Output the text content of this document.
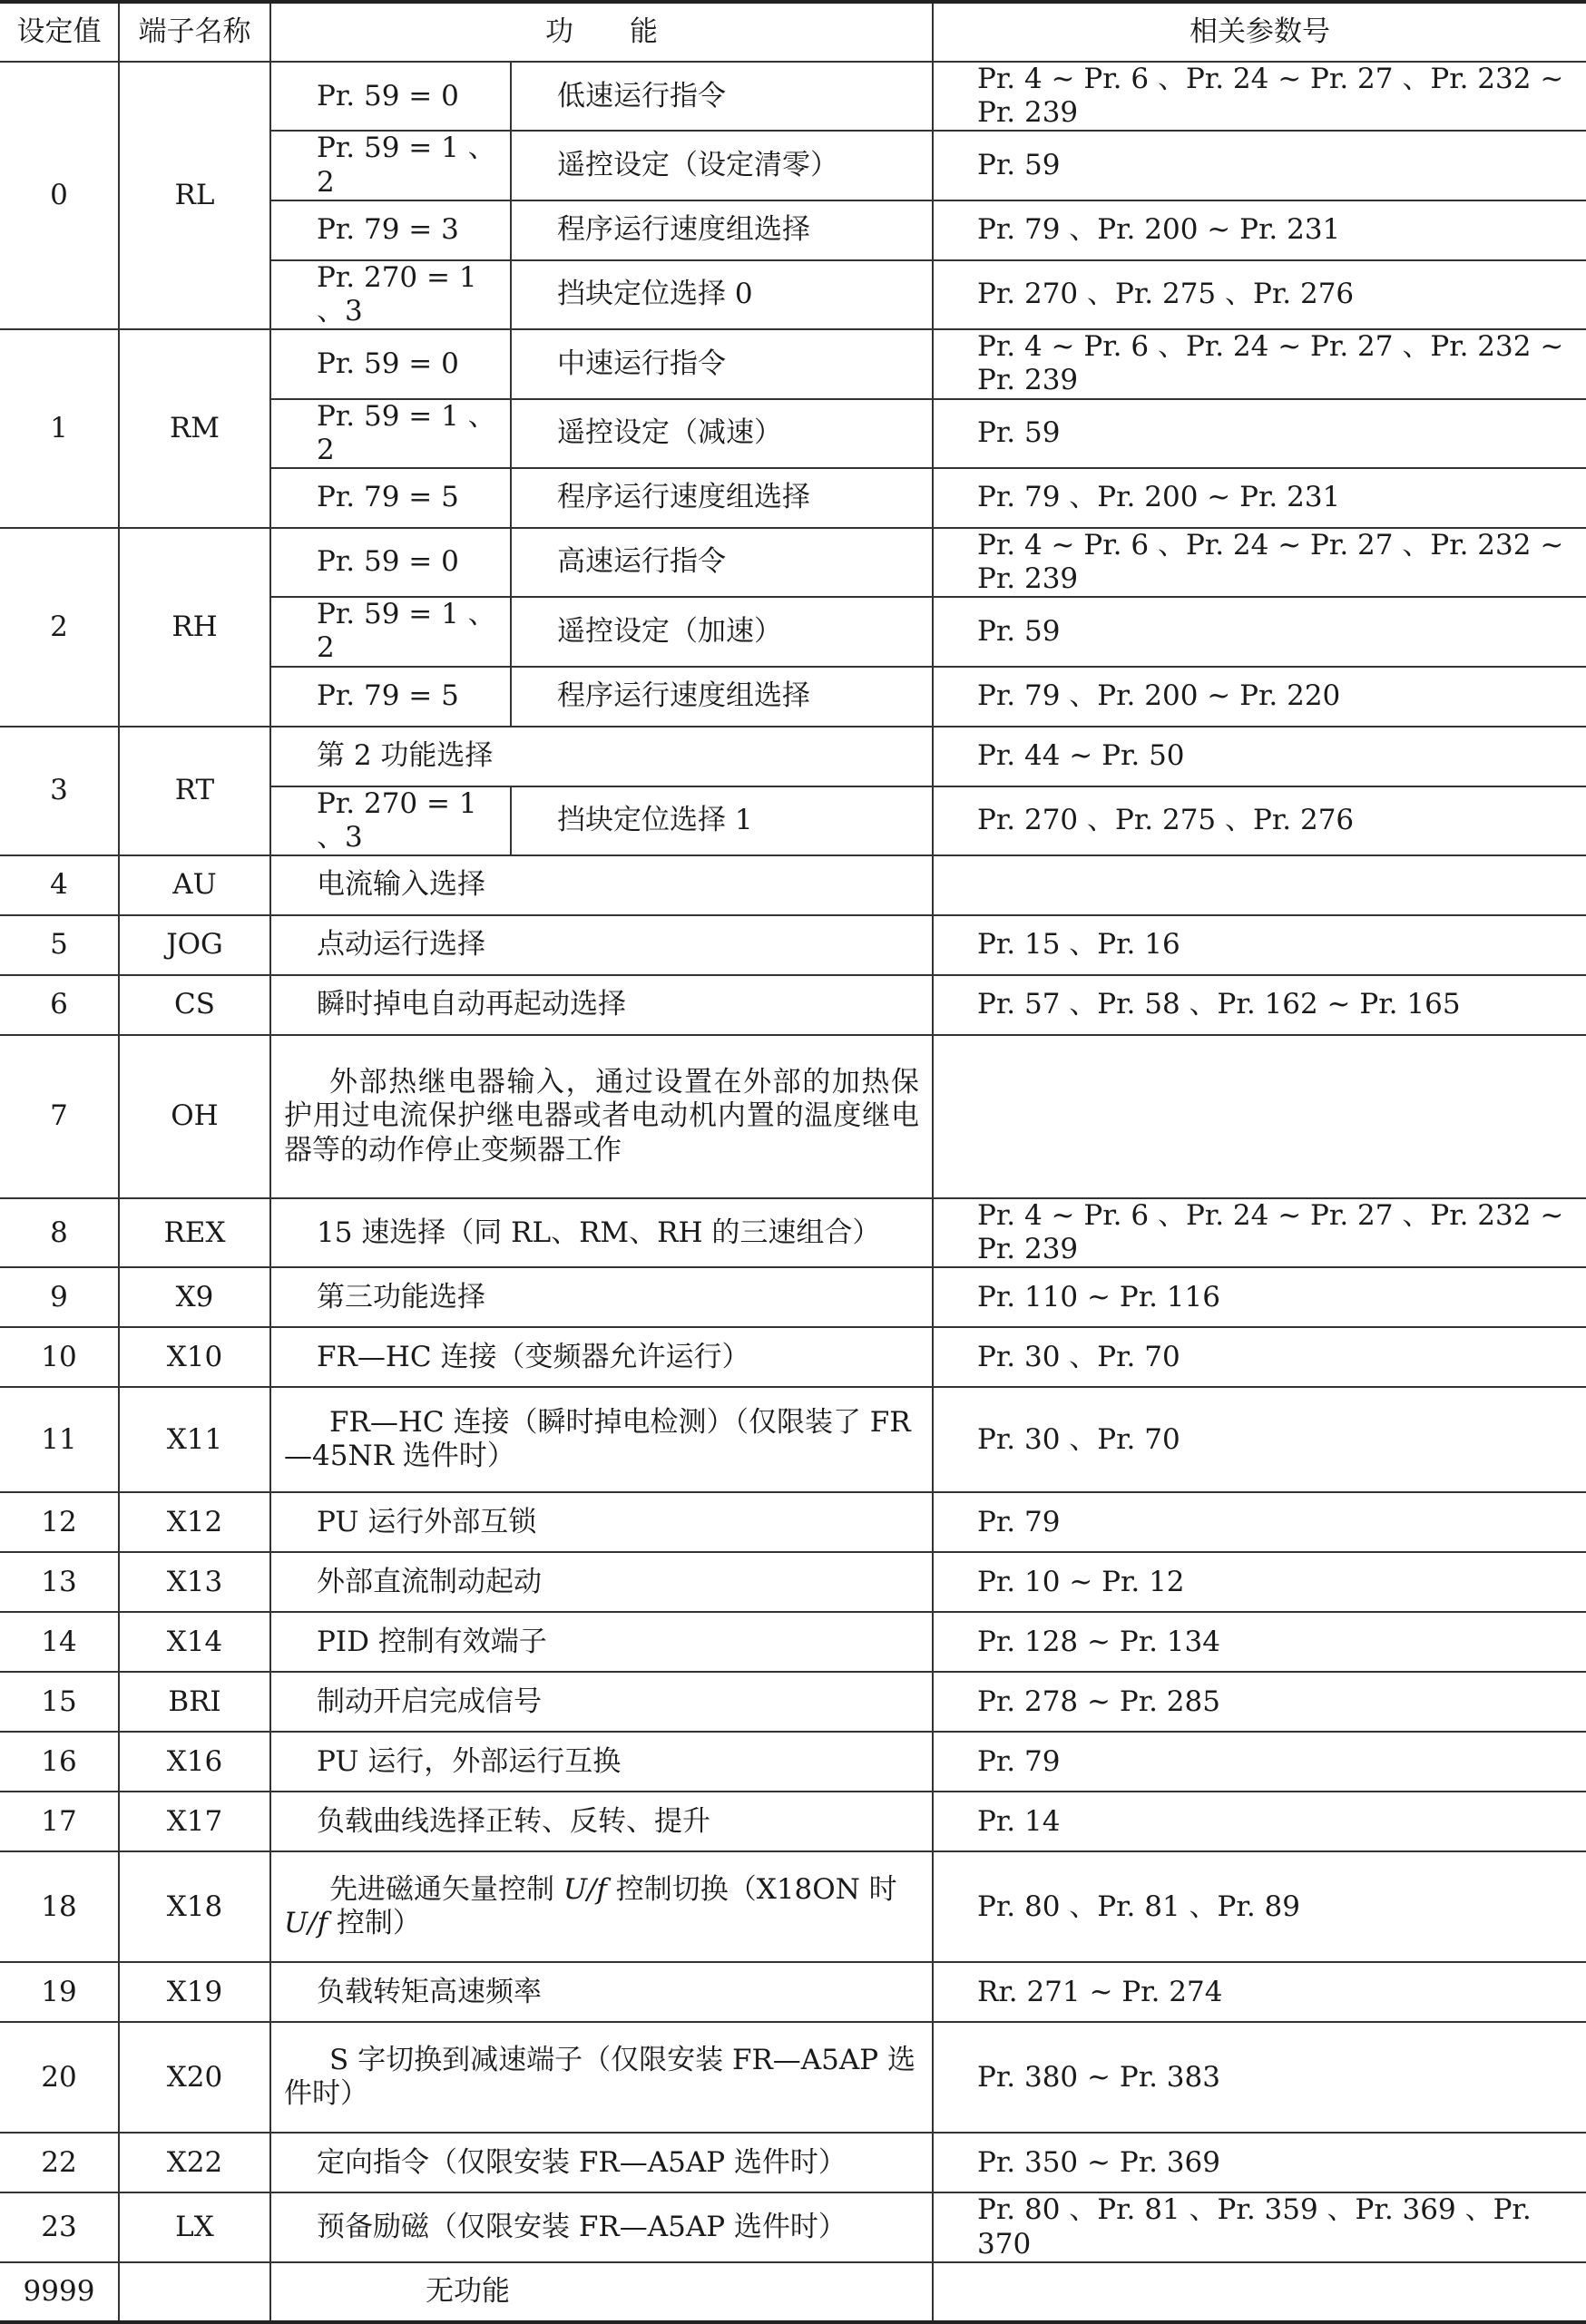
设定值	端子名称	功　　能		相关参数号
0	RL	Pr. 59 = 0	低速运行指令	Pr. 4 ~ Pr. 6 、Pr. 24 ~ Pr. 27 、Pr. 232 ~ Pr. 239
		Pr. 59 = 1 、2	遥控设定（设定清零）	Pr. 59
		Pr. 79 = 3	程序运行速度组选择	Pr. 79 、Pr. 200 ~ Pr. 231
		Pr. 270 = 1 、3	挡块定位选择 0	Pr. 270 、Pr. 275 、Pr. 276
1	RM	Pr. 59 = 0	中速运行指令	Pr. 4 ~ Pr. 6 、Pr. 24 ~ Pr. 27 、Pr. 232 ~ Pr. 239
		Pr. 59 = 1 、2	遥控设定（减速）	Pr. 59
		Pr. 79 = 5	程序运行速度组选择	Pr. 79 、Pr. 200 ~ Pr. 231
2	RH	Pr. 59 = 0	高速运行指令	Pr. 4 ~ Pr. 6 、Pr. 24 ~ Pr. 27 、Pr. 232 ~ Pr. 239
		Pr. 59 = 1 、2	遥控设定（加速）	Pr. 59
		Pr. 79 = 5	程序运行速度组选择	Pr. 79 、Pr. 200 ~ Pr. 220
3	RT	第 2 功能选择		Pr. 44 ~ Pr. 50
		Pr. 270 = 1 、3	挡块定位选择 1	Pr. 270 、Pr. 275 、Pr. 276
4	AU	电流输入选择		
5	JOG	点动运行选择		Pr. 15 、Pr. 16
6	CS	瞬时掉电自动再起动选择		Pr. 57 、Pr. 58 、Pr. 162 ~ Pr. 165
7	OH	外部热继电器输入，通过设置在外部的加热保护用过电流保护继电器或者电动机内置的温度继电器等的动作停止变频器工作		
8	REX	15 速选择（同 RL、RM、RH 的三速组合）		Pr. 4 ~ Pr. 6 、Pr. 24 ~ Pr. 27 、Pr. 232 ~ Pr. 239
9	X9	第三功能选择		Pr. 110 ~ Pr. 116
10	X10	FR—HC 连接（变频器允许运行）		Pr. 30 、Pr. 70
11	X11	FR—HC 连接（瞬时掉电检测）（仅限装了 FR—45NR 选件时）		Pr. 30 、Pr. 70
12	X12	PU 运行外部互锁		Pr. 79
13	X13	外部直流制动起动		Pr. 10 ~ Pr. 12
14	X14	PID 控制有效端子		Pr. 128 ~ Pr. 134
15	BRI	制动开启完成信号		Pr. 278 ~ Pr. 285
16	X16	PU 运行，外部运行互换		Pr. 79
17	X17	负载曲线选择正转、反转、提升		Pr. 14
18	X18	先进磁通矢量控制 U/f 控制切换（X18ON 时 U/f 控制）		Pr. 80 、Pr. 81 、Pr. 89
19	X19	负载转矩高速频率		Rr. 271 ~ Pr. 274
20	X20	S 字切换到减速端子（仅限安装 FR—A5AP 选件时）		Pr. 380 ~ Pr. 383
22	X22	定向指令（仅限安装 FR—A5AP 选件时）		Pr. 350 ~ Pr. 369
23	LX	预备励磁（仅限安装 FR—A5AP 选件时）		Pr. 80 、Pr. 81 、Pr. 359 、Pr. 369 、Pr. 370
9999		无功能		
